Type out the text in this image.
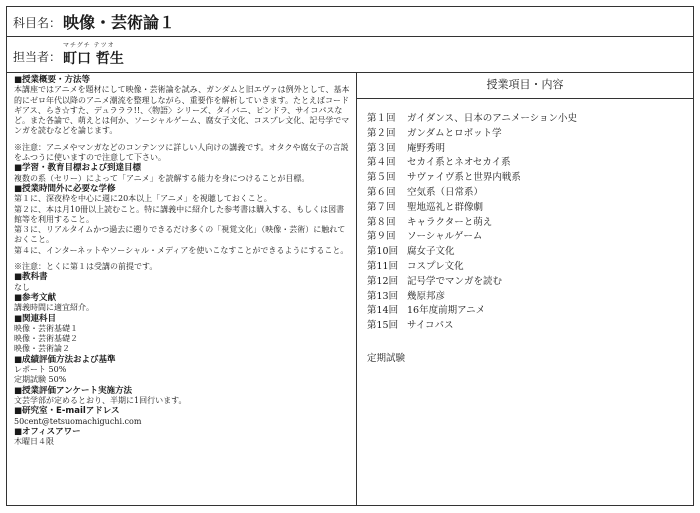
科目名： 映像・芸術論１
担当者：
マチグチ テツオ
町口 哲生
■授業概要・方法等
本講座ではアニメを題材にして映像・芸術論を試み、ガンダムと旧エヴァは例外として、基本的にゼロ年代以降のアニメ潮流を整理しながら、重要作を解析していきます。たとえばコードギアス、らき☆すた、デュラララ!!、〈物語〉シリーズ、タイバニ、ピンドラ、サイコパスなど。また各論で、萌えとは何か、ソーシャルゲーム、腐女子文化、コスプレ文化、記号学でマンガを読むなどを論じます。
※注意：アニメやマンガなどのコンテンツに詳しい人向けの講義です。オタクや腐女子の言説をふつうに使いますので注意して下さい。
■学習・教育目標および到達目標
複数の系（セリー）によって「アニメ」を読解する能力を身につけることが目標。
■授業時間外に必要な学修
第１に、深夜枠を中心に週に20本以上「アニメ」を視聴しておくこと。
第２に、本は月10冊以上読むこと。特に講義中に紹介した参考書は購入する、もしくは図書館等を利用すること。
第３に、リアルタイムかつ過去に遡りできるだけ多くの「視覚文化」（映像・芸術）に触れておくこと。
第４に、インターネットやソーシャル・メディアを使いこなすことができるようにすること。
※注意：とくに第１は受講の前提です。
■教科書
なし
■参考文献
講義時間に適宜紹介。
■関連科目
映像・芸術基礎１
映像・芸術基礎２
映像・芸術論２
■成績評価方法および基準
レポート 50%
定期試験 50%
■授業評価アンケート実施方法
文芸学部が定めるとおり、半期に1回行います。
■研究室・E-mailアドレス
50cent@tetsuomachiguchi.com
■オフィスアワー
木曜日４限
授業項目・内容
第１回 ガイダンス、日本のアニメーション小史
第２回 ガンダムとロボット学
第３回 庵野秀明
第４回 セカイ系とネオセカイ系
第５回 サヴァイヴ系と世界内戦系
第６回 空気系（日常系）
第７回 聖地巡礼と群像劇
第８回 キャラクターと萌え
第９回 ソーシャルゲーム
第10回 腐女子文化
第11回 コスプレ文化
第12回 記号学でマンガを読む
第13回 幾原邦彦
第14回 16年度前期アニメ
第15回 サイコパス
定期試験
